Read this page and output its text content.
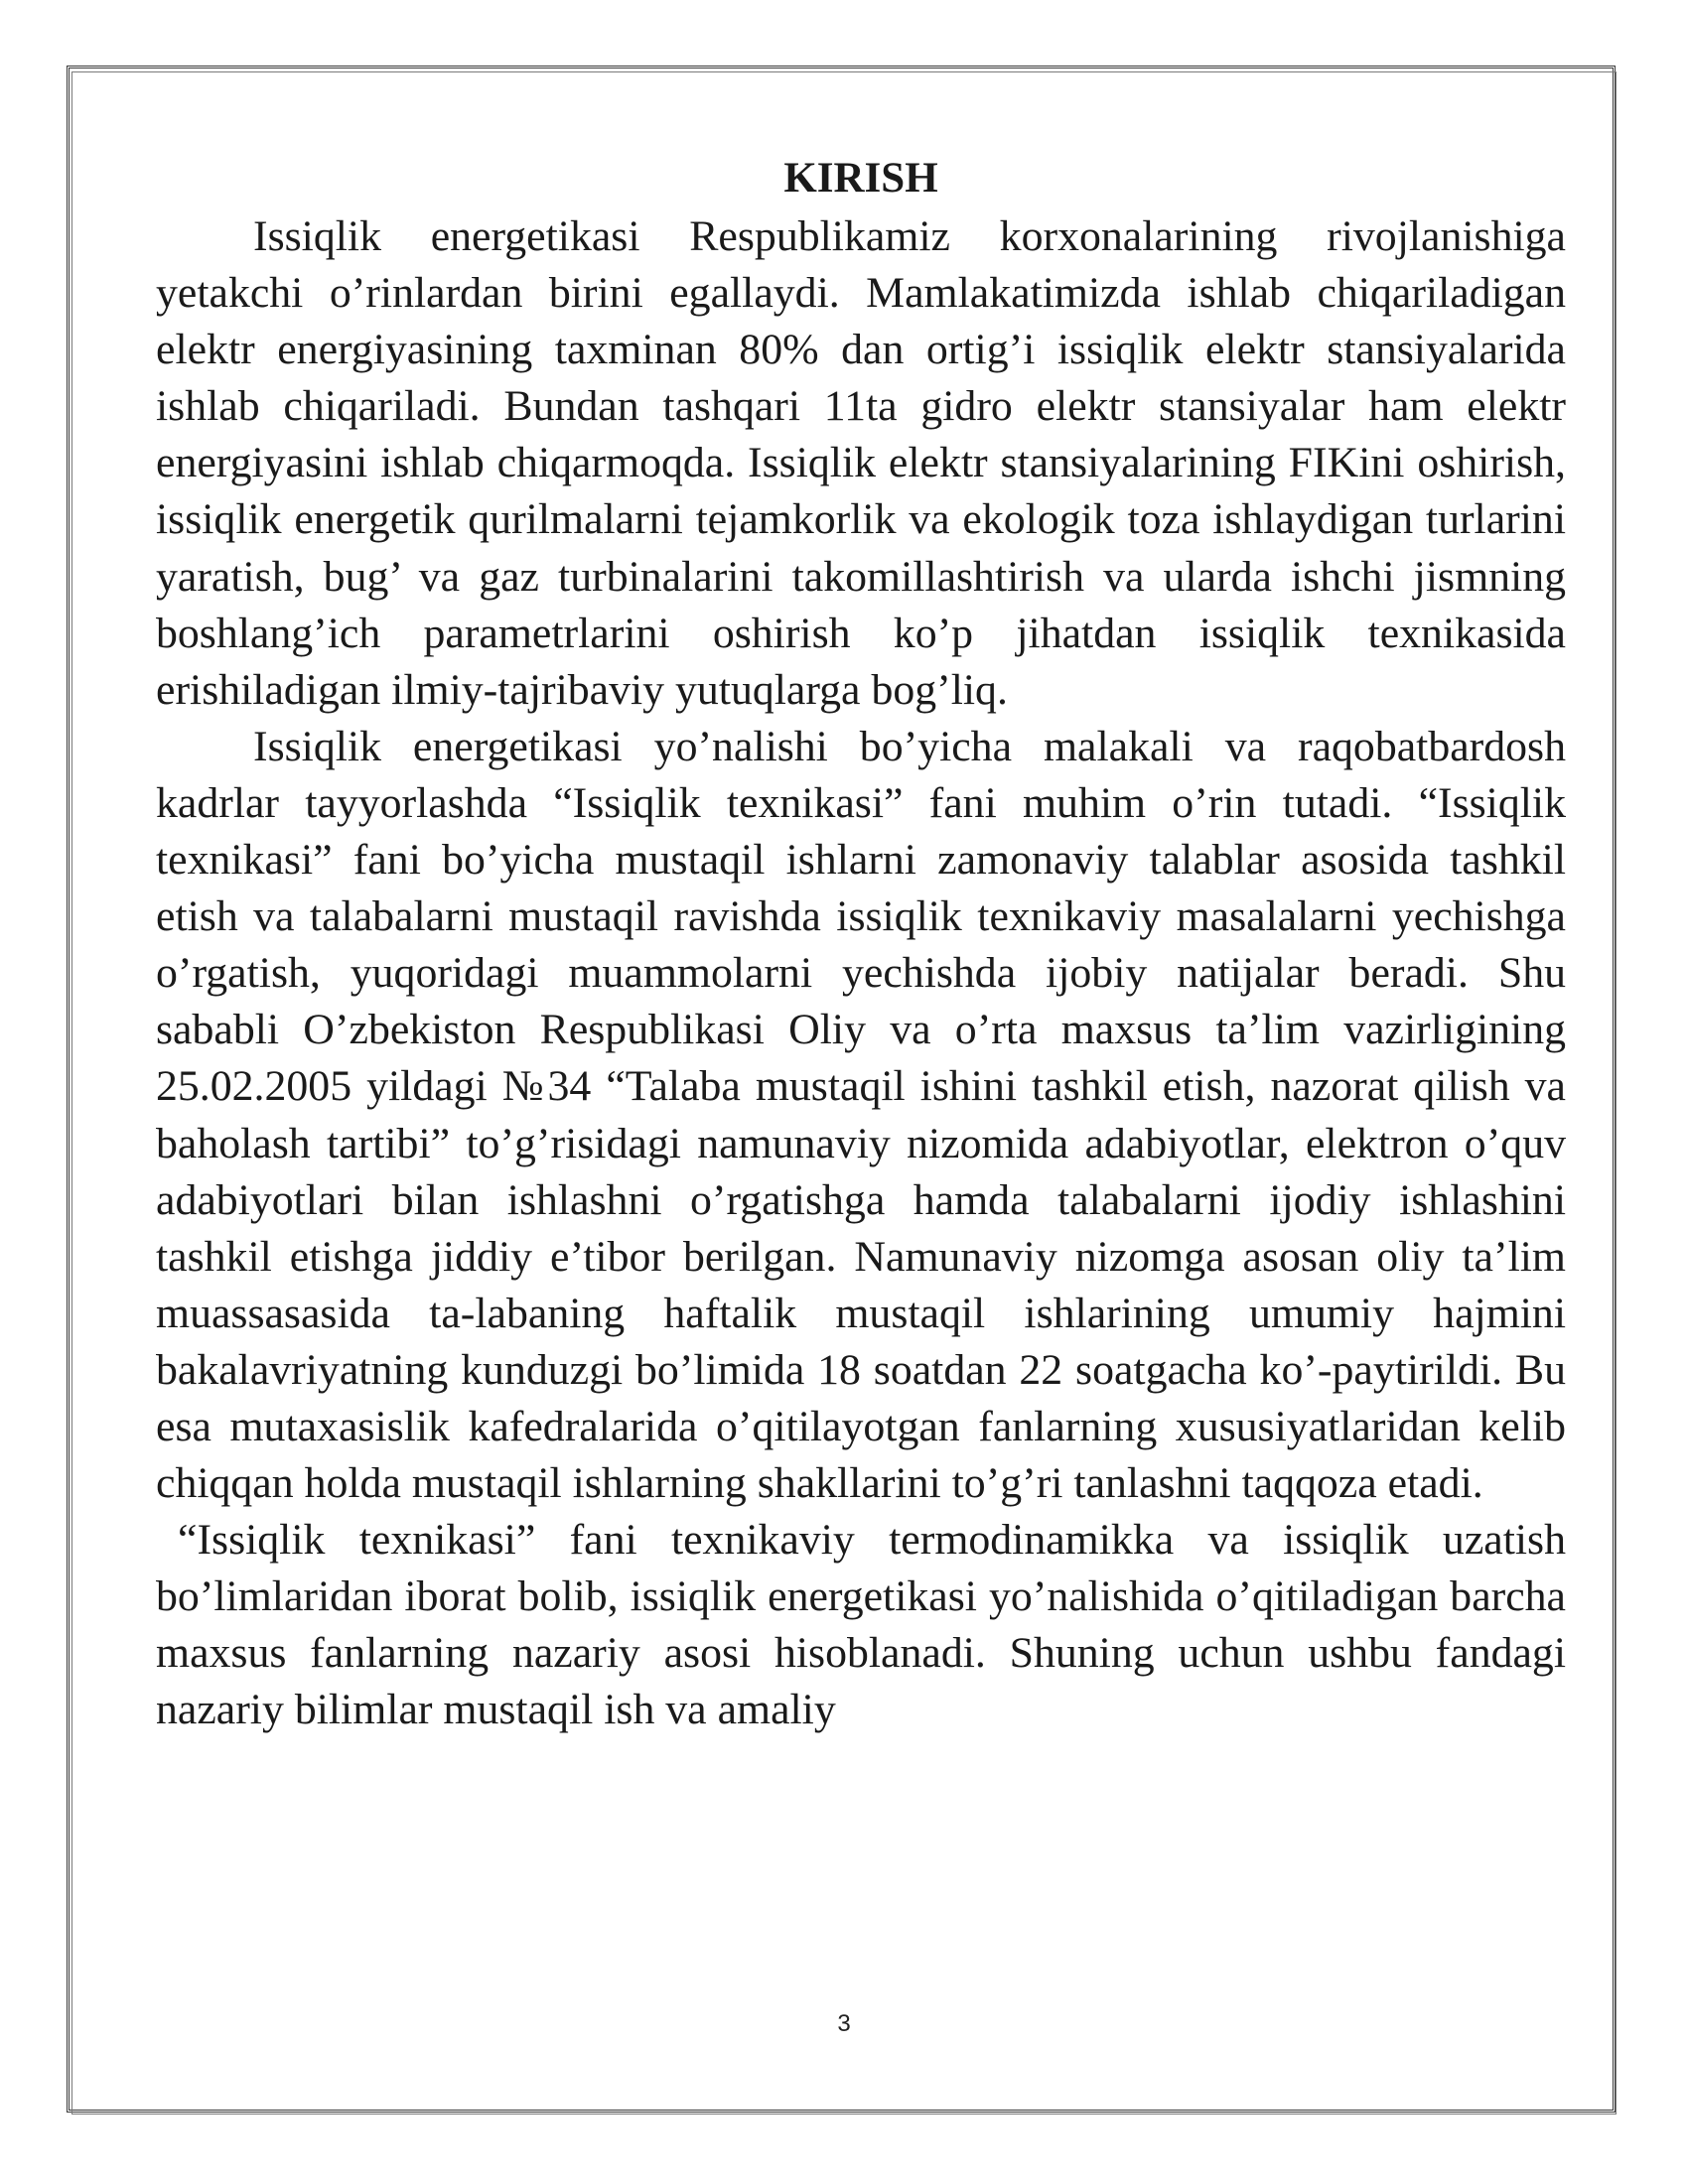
KIRISH

Issiqlik energetikasi Respublikamiz korxonalarining rivojlanishiga yetakchi o’rinlardan birini egallaydi. Mamlakatimizda ishlab chiqariladigan elektr energiyasining taxminan 80% dan ortig’i issiqlik elektr stansiyalarida ishlab chiqariladi. Bundan tashqari 11ta gidro elektr stansiyalar ham elektr energiyasini ishlab chiqarmoqda. Issiqlik elektr stansiyalarining FIKini oshirish, issiqlik energetik qurilmalarni tejamkorlik va ekologik toza ishlaydigan turlarini yaratish, bug’ va gaz turbinalarini takomillashtirish va ularda ishchi jismning boshlang’ich parametrlarini oshirish ko’p jihatdan issiqlik texnikasida erishiladigan ilmiy-tajribaviy yutuqlarga bog’liq.

Issiqlik energetikasi yo’nalishi bo’yicha malakali va raqobatbardosh kadrlar tayyorlashda “Issiqlik texnikasi” fani muhim o’rin tutadi. “Issiqlik texnikasi” fani bo’yicha mustaqil ishlarni zamonaviy talablar asosida tashkil etish va talabalarni mustaqil ravishda issiqlik texnikaviy masalalarni yechishga o’rgatish, yuqoridagi muammolarni yechishda ijobiy natijalar beradi. Shu sababli O’zbekiston Respublikasi Oliy va o’rta maxsus ta’lim vazirligining 25.02.2005 yildagi №34 “Talaba mustaqil ishini tashkil etish, nazorat qilish va baholash tartibi” to’g’risidagi namunaviy nizomida adabiyotlar, elektron o’quv adabiyotlari bilan ishlashni o’rgatishga hamda talabalarni ijodiy ishlashini tashkil etishga jiddiy e’tibor berilgan. Namunaviy nizomga asosan oliy ta’lim muassasasida ta-labaning haftalik mustaqil ishlarining umumiy hajmini bakalavriyatning kunduzgi bo’limida 18 soatdan 22 soatgacha ko’-paytirildi. Bu esa mutaxasislik kafedralarida o’qitilayotgan fanlarning xususiyatlaridan kelib chiqqan holda mustaqil ishlarning shakllarini to’g’ri tanlashni taqqoza etadi.

“Issiqlik texnikasi” fani texnikaviy termodinamikka va issiqlik uzatish bo’limlaridan iborat bolib, issiqlik energetikasi yo’nalishida o’qitiladigan barcha maxsus fanlarning nazariy asosi hisoblanadi. Shuning uchun ushbu fandagi nazariy bilimlar mustaqil ish va amaliy

3
